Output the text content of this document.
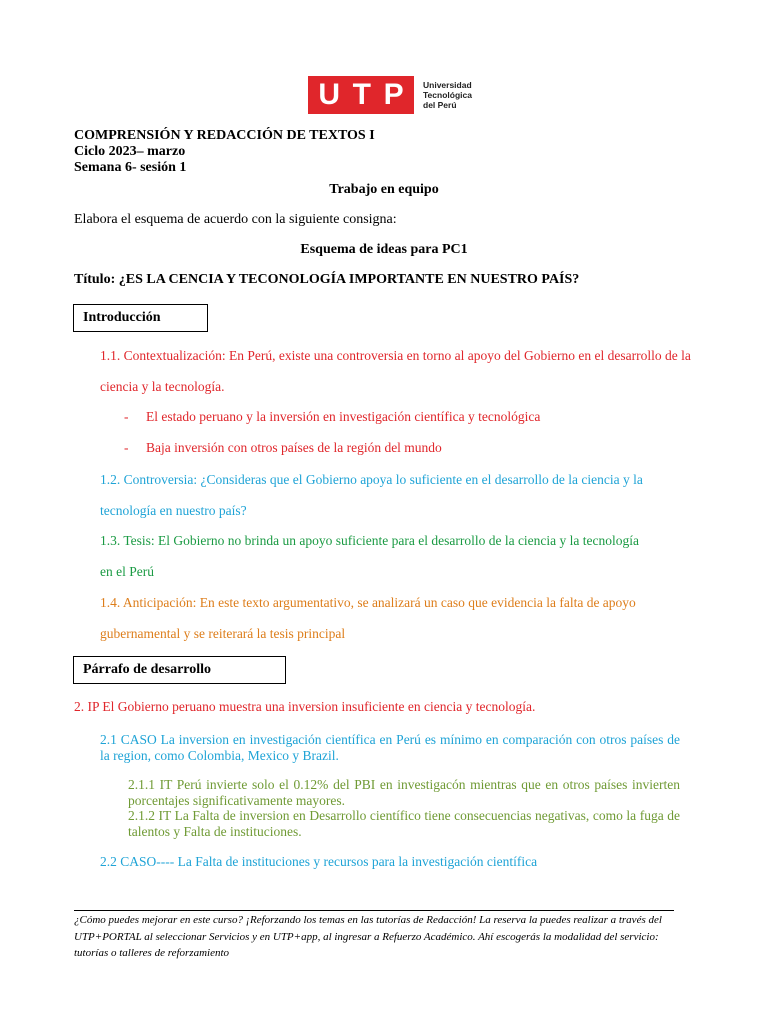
U T P Universidad
Tecnológica
del Perú
COMPRENSIÓN Y REDACCIÓN DE TEXTOS I
Ciclo 2023– marzo
Semana 6- sesión 1
Trabajo en equipo
Elabora el esquema de acuerdo con la siguiente consigna:
Esquema de ideas para PC1
Título: ¿ES LA CENCIA Y TECONOLOGÍA IMPORTANTE EN NUESTRO PAÍS?
Introducción
1.1. Contextualización: En Perú, existe una controversia en torno al apoyo del Gobierno en el desarrollo de la
ciencia y la tecnología.
- El estado peruano y la inversión en investigación científica y tecnológica
- Baja inversión con otros países de la región del mundo
1.2. Controversia: ¿Consideras que el Gobierno apoya lo suficiente en el desarrollo de la ciencia y la
tecnología en nuestro país?
1.3. Tesis: El Gobierno no brinda un apoyo suficiente para el desarrollo de la ciencia y la tecnología
en el Perú
1.4. Anticipación: En este texto argumentativo, se analizará un caso que evidencia la falta de apoyo
gubernamental y se reiterará la tesis principal
Párrafo de desarrollo
2. IP El Gobierno peruano muestra una inversion insuficiente en ciencia y tecnología.
2.1 CASO La inversion en investigación científica en Perú es mínimo en comparación con otros países de la region, como Colombia, Mexico y Brazil.
2.1.1 IT Perú invierte solo el 0.12% del PBI en investigacón mientras que en otros países invierten porcentajes significativamente mayores.
2.1.2 IT La Falta de inversion en Desarrollo científico tiene consecuencias negativas, como la fuga de talentos y Falta de instituciones.
2.2 CASO---- La Falta de instituciones y recursos para la investigación científica
¿Cómo puedes mejorar en este curso? ¡Reforzando los temas en las tutorías de Redacción! La reserva la puedes realizar a través del UTP+PORTAL al seleccionar Servicios y en UTP+app, al ingresar a Refuerzo Académico. Ahí escogerás la modalidad del servicio: tutorías o talleres de reforzamiento
